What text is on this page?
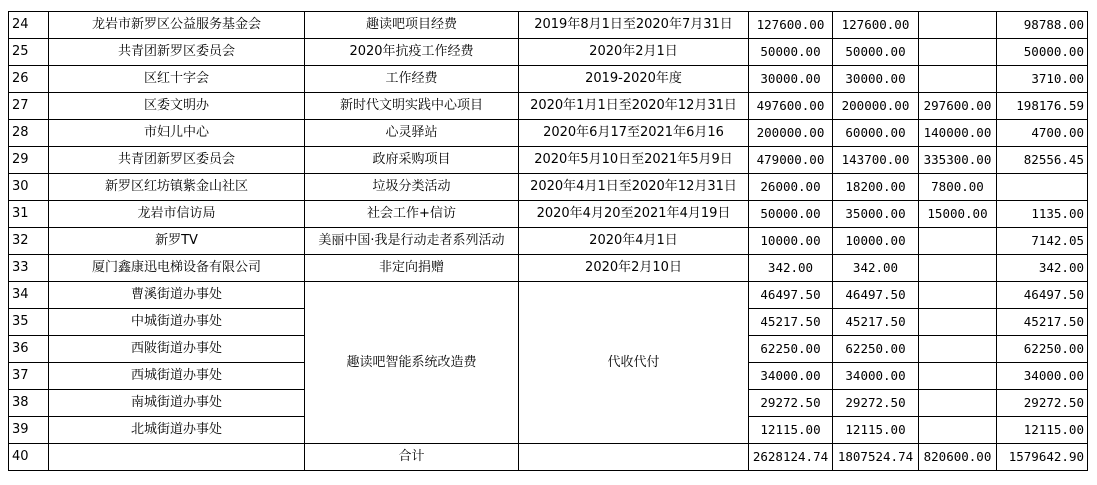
24	龙岩市新罗区公益服务基金会	趣读吧项目经费	2019年8月1日至2020年7月31日	127600.00	127600.00		98788.00
25	共青团新罗区委员会	2020年抗疫工作经费	2020年2月1日	50000.00	50000.00		50000.00
26	区红十字会	工作经费	2019-2020年度	30000.00	30000.00		3710.00
27	区委文明办	新时代文明实践中心项目	2020年1月1日至2020年12月31日	497600.00	200000.00	297600.00	198176.59
28	市妇儿中心	心灵驿站	2020年6月17至2021年6月16	200000.00	60000.00	140000.00	4700.00
29	共青团新罗区委员会	政府采购项目	2020年5月10日至2021年5月9日	479000.00	143700.00	335300.00	82556.45
30	新罗区红坊镇紫金山社区	垃圾分类活动	2020年4月1日至2020年12月31日	26000.00	18200.00	7800.00	
31	龙岩市信访局	社会工作+信访	2020年4月20至2021年4月19日	50000.00	35000.00	15000.00	1135.00
32	新罗TV	美丽中国·我是行动走者系列活动	2020年4月1日	10000.00	10000.00		7142.05
33	厦门鑫康迅电梯设备有限公司	非定向捐赠	2020年2月10日	342.00	342.00		342.00
34	曹溪街道办事处	趣读吧智能系统改造费	代收代付	46497.50	46497.50		46497.50
35	中城街道办事处			45217.50	45217.50		45217.50
36	西陂街道办事处			62250.00	62250.00		62250.00
37	西城街道办事处			34000.00	34000.00		34000.00
38	南城街道办事处			29272.50	29272.50		29272.50
39	北城街道办事处			12115.00	12115.00		12115.00
40		合计		2628124.74	1807524.74	820600.00	1579642.90
